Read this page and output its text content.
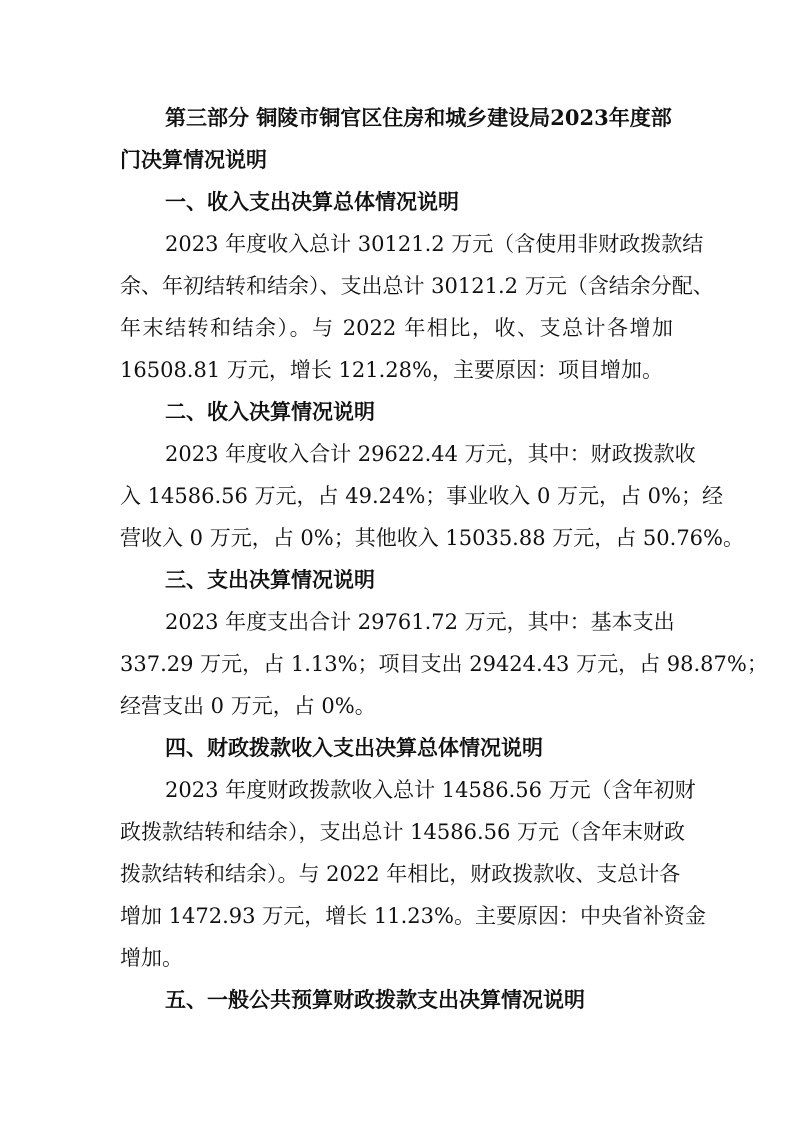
第三部分 铜陵市铜官区住房和城乡建设局2023年度部
门决算情况说明
一、收入支出决算总体情况说明
2023 年度收入总计 30121.2 万元（含使用非财政拨款结
余、年初结转和结余）、支出总计 30121.2 万元（含结余分配、
年末结转和结余）。与 2022 年相比，收、支总计各增加
16508.81 万元，增长 121.28%，主要原因：项目增加。
二、收入决算情况说明
2023 年度收入合计 29622.44 万元，其中：财政拨款收
入 14586.56 万元，占 49.24%；事业收入 0 万元，占 0%；经
营收入 0 万元，占 0%；其他收入 15035.88 万元，占 50.76%。
三、支出决算情况说明
2023 年度支出合计 29761.72 万元，其中：基本支出
337.29 万元，占 1.13%；项目支出 29424.43 万元，占 98.87%；
经营支出 0 万元，占 0%。
四、财政拨款收入支出决算总体情况说明
2023 年度财政拨款收入总计 14586.56 万元（含年初财
政拨款结转和结余），支出总计 14586.56 万元（含年末财政
拨款结转和结余）。与 2022 年相比，财政拨款收、支总计各
增加 1472.93 万元，增长 11.23%。主要原因：中央省补资金
增加。
五、一般公共预算财政拨款支出决算情况说明
